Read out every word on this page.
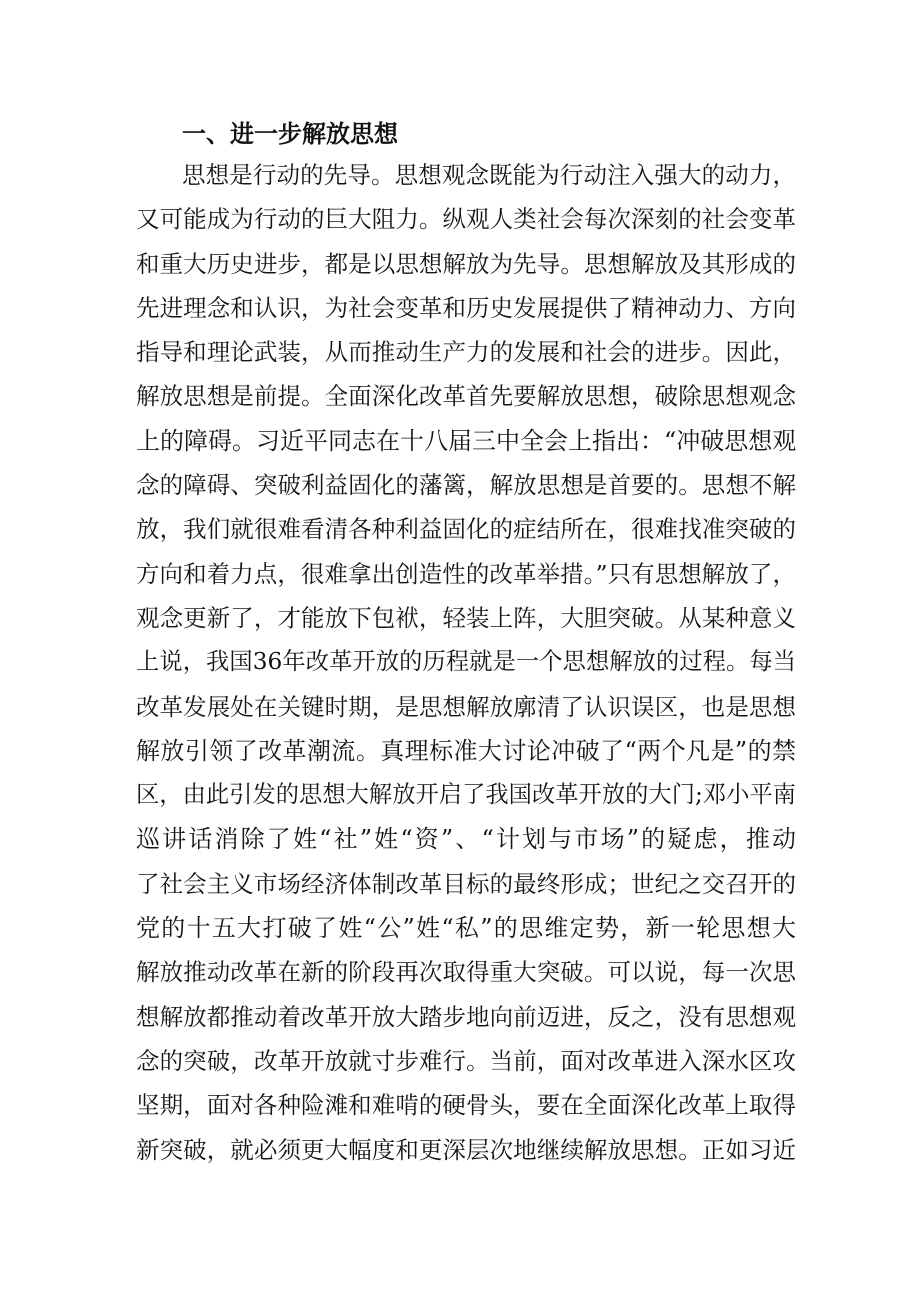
一、进一步解放思想
思想是行动的先导。思想观念既能为行动注入强大的动力，
又可能成为行动的巨大阻力。纵观人类社会每次深刻的社会变革
和重大历史进步，都是以思想解放为先导。思想解放及其形成的
先进理念和认识，为社会变革和历史发展提供了精神动力、方向
指导和理论武装，从而推动生产力的发展和社会的进步。因此，
解放思想是前提。全面深化改革首先要解放思想，破除思想观念
上的障碍。习近平同志在十八届三中全会上指出：“冲破思想观
念的障碍、突破利益固化的藩篱，解放思想是首要的。思想不解
放，我们就很难看清各种利益固化的症结所在，很难找准突破的
方向和着力点，很难拿出创造性的改革举措。”只有思想解放了，
观念更新了，才能放下包袱，轻装上阵，大胆突破。从某种意义
上说，我国36年改革开放的历程就是一个思想解放的过程。每当
改革发展处在关键时期，是思想解放廓清了认识误区，也是思想
解放引领了改革潮流。真理标准大讨论冲破了“两个凡是”的禁
区，由此引发的思想大解放开启了我国改革开放的大门;邓小平南
巡讲话消除了姓“社”姓“资”、“计划与市场”的疑虑，推动
了社会主义市场经济体制改革目标的最终形成；世纪之交召开的
党的十五大打破了姓“公”姓“私”的思维定势，新一轮思想大
解放推动改革在新的阶段再次取得重大突破。可以说，每一次思
想解放都推动着改革开放大踏步地向前迈进，反之，没有思想观
念的突破，改革开放就寸步难行。当前，面对改革进入深水区攻
坚期，面对各种险滩和难啃的硬骨头，要在全面深化改革上取得
新突破，就必须更大幅度和更深层次地继续解放思想。正如习近
